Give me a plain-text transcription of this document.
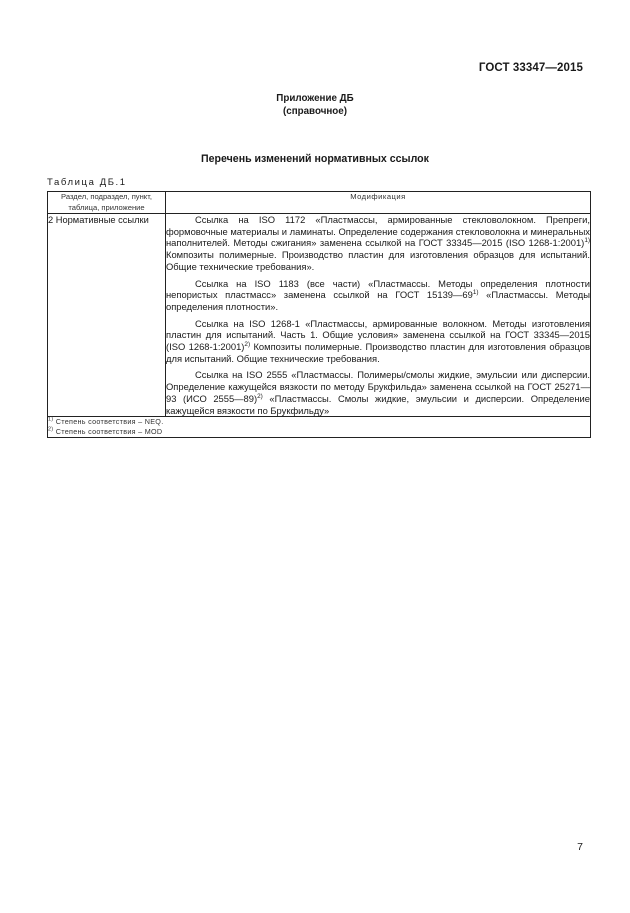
ГОСТ 33347—2015
Приложение ДБ
(справочное)
Перечень изменений нормативных ссылок
Таблица ДБ.1
Раздел, подраздел, пункт, таблица, приложение	Модификация
2 Нормативные ссылки	Ссылка на ISO 1172 «Пластмассы, армированные стекловолокном. Препреги, формовочные материалы и ламинаты. Определение содержания стекловолокна и минеральных наполнителей. Методы сжигания» заменена ссылкой на ГОСТ 33345—2015 (ISO 1268-1:2001)$^{1)}$ Композиты полимерные. Производство пластин для изготовления образцов для испытаний. Общие технические требования».

Ссылка на ISO 1183 (все части) «Пластмассы. Методы определения плотности непористых пластмасс» заменена ссылкой на ГОСТ 15139—69$^{1)}$ «Пластмассы. Методы определения плотности».

Ссылка на ISO 1268-1 «Пластмассы, армированные волокном. Методы изготовления пластин для испытаний. Часть 1. Общие условия» заменена ссылкой на ГОСТ 33345—2015 (ISO 1268-1:2001)$^{2)}$ Композиты полимерные. Производство пластин для изготовления образцов для испытаний. Общие технические требования.

Ссылка на ISO 2555 «Пластмассы. Полимеры/смолы жидкие, эмульсии или дисперсии. Определение кажущейся вязкости по методу Брукфильда» заменена ссылкой на ГОСТ 25271—93 (ИСО 2555—89)$^{2)}$ «Пластмассы. Смолы жидкие, эмульсии и дисперсии. Определение кажущейся вязкости по Брукфильду»

$^{1)}$ Степень соответствия – NEQ.
$^{2)}$ Степень соответствия – MOD	
7
